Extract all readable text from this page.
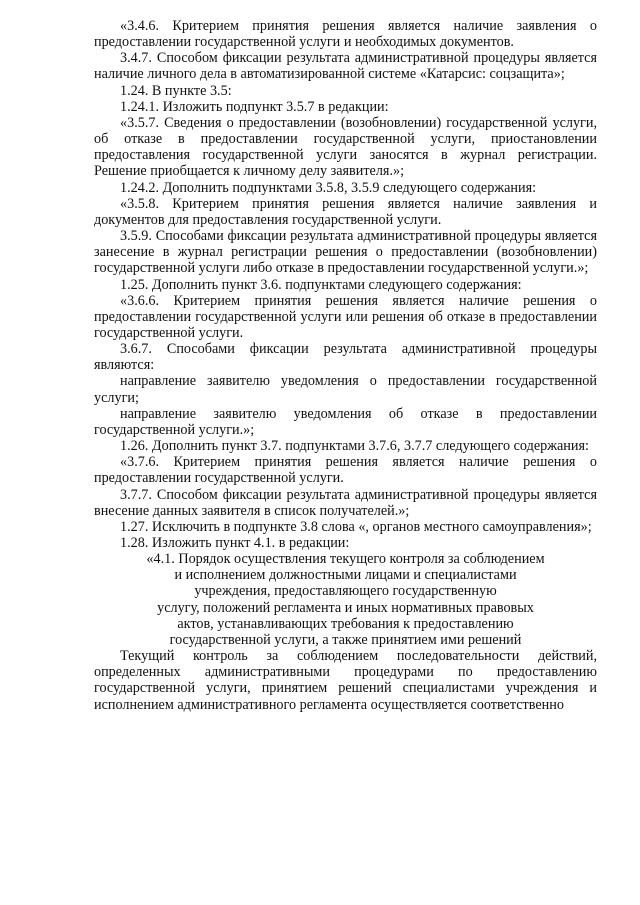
«3.4.6. Критерием принятия решения является наличие заявления о предоставлении государственной услуги и необходимых документов.

3.4.7. Способом фиксации результата административной процедуры является наличие личного дела в автоматизированной системе «Катарсис: соцзащита»;

1.24. В пункте 3.5:

1.24.1. Изложить подпункт 3.5.7 в редакции:

«3.5.7. Сведения о предоставлении (возобновлении) государственной услуги, об отказе в предоставлении государственной услуги, приостановлении предоставления государственной услуги заносятся в журнал регистрации. Решение приобщается к личному делу заявителя.»;

1.24.2. Дополнить подпунктами 3.5.8, 3.5.9 следующего содержания:

«3.5.8. Критерием принятия решения является наличие заявления и документов для предоставления государственной услуги.

3.5.9. Способами фиксации результата административной процедуры является занесение в журнал регистрации решения о предоставлении (возобновлении) государственной услуги либо отказе в предоставлении государственной услуги.»;

1.25. Дополнить пункт 3.6. подпунктами следующего содержания:

«3.6.6. Критерием принятия решения является наличие решения о предоставлении государственной услуги или решения об отказе в предоставлении государственной услуги.

3.6.7. Способами фиксации результата административной процедуры являются:

направление заявителю уведомления о предоставлении государственной услуги;

направление заявителю уведомления об отказе в предоставлении государственной услуги.»;

1.26. Дополнить пункт 3.7. подпунктами 3.7.6, 3.7.7 следующего содержания:

«3.7.6. Критерием принятия решения является наличие решения о предоставлении государственной услуги.

3.7.7. Способом фиксации результата административной процедуры является внесение данных заявителя в список получателей.»;

1.27. Исключить в подпункте 3.8 слова «, органов местного самоуправления»;

1.28. Изложить пункт 4.1. в редакции:

«4.1. Порядок осуществления текущего контроля за соблюдением
и исполнением должностными лицами и специалистами
учреждения, предоставляющего государственную
услугу, положений регламента и иных нормативных правовых
актов, устанавливающих требования к предоставлению
государственной услуги, а также принятием ими решений

Текущий контроль за соблюдением последовательности действий, определенных административными процедурами по предоставлению государственной услуги, принятием решений специалистами учреждения и исполнением административного регламента осуществляется соответственно
